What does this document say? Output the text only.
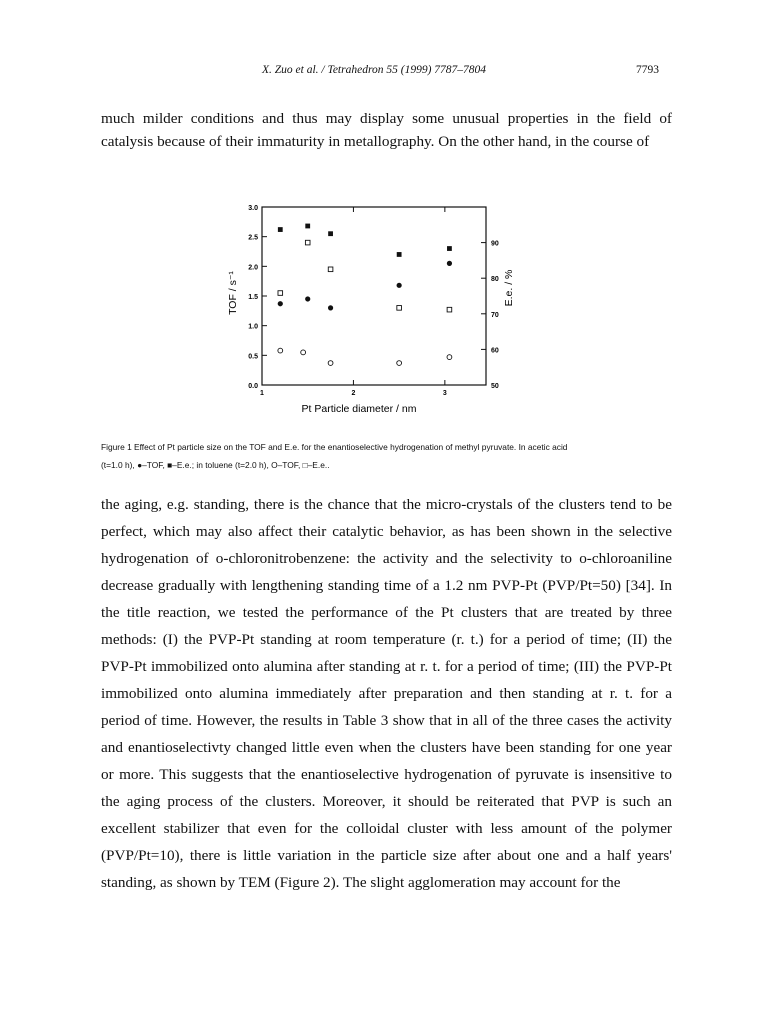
X. Zuo et al. / Tetrahedron 55 (1999) 7787–7804	7793
much milder conditions and thus may display some unusual properties in the field of
catalysis because of their immaturity in metallography. On the other hand, in the course of
0.0
0.5
1.0
1.5
2.0
2.5
3.0
50
60
70
80
90
1	2	3
Pt Particle diameter / nm
TOF / s⁻¹	E.e. / %
Figure 1 Effect of Pt particle size on the TOF and E.e. for the enantioselective hydrogenation of methyl pyruvate. In acetic acid
(t=1.0 h), ●–TOF, ■–E.e.; in toluene (t=2.0 h), O–TOF, □–E.e..
the aging, e.g. standing, there is the chance that the micro-crystals of the clusters tend to be
perfect, which may also affect their catalytic behavior, as has been shown in the selective
hydrogenation of o-chloronitrobenzene: the activity and the selectivity to o-chloroaniline
decrease gradually with lengthening standing time of a 1.2 nm PVP-Pt (PVP/Pt=50) [34]. In
the title reaction, we tested the performance of the Pt clusters that are treated by three
methods: (I) the PVP-Pt standing at room temperature (r. t.) for a period of time; (II) the
PVP-Pt immobilized onto alumina after standing at r. t. for a period of time; (III) the PVP-Pt
immobilized onto alumina immediately after preparation and then standing at r. t. for a
period of time. However, the results in Table 3 show that in all of the three cases the activity
and enantioselectivty changed little even when the clusters have been standing for one year
or more. This suggests that the enantioselective hydrogenation of pyruvate is insensitive to
the aging process of the clusters. Moreover, it should be reiterated that PVP is such an
excellent stabilizer that even for the colloidal cluster with less amount of the polymer
(PVP/Pt=10), there is little variation in the particle size after about one and a half years'
standing, as shown by TEM (Figure 2). The slight agglomeration may account for the
